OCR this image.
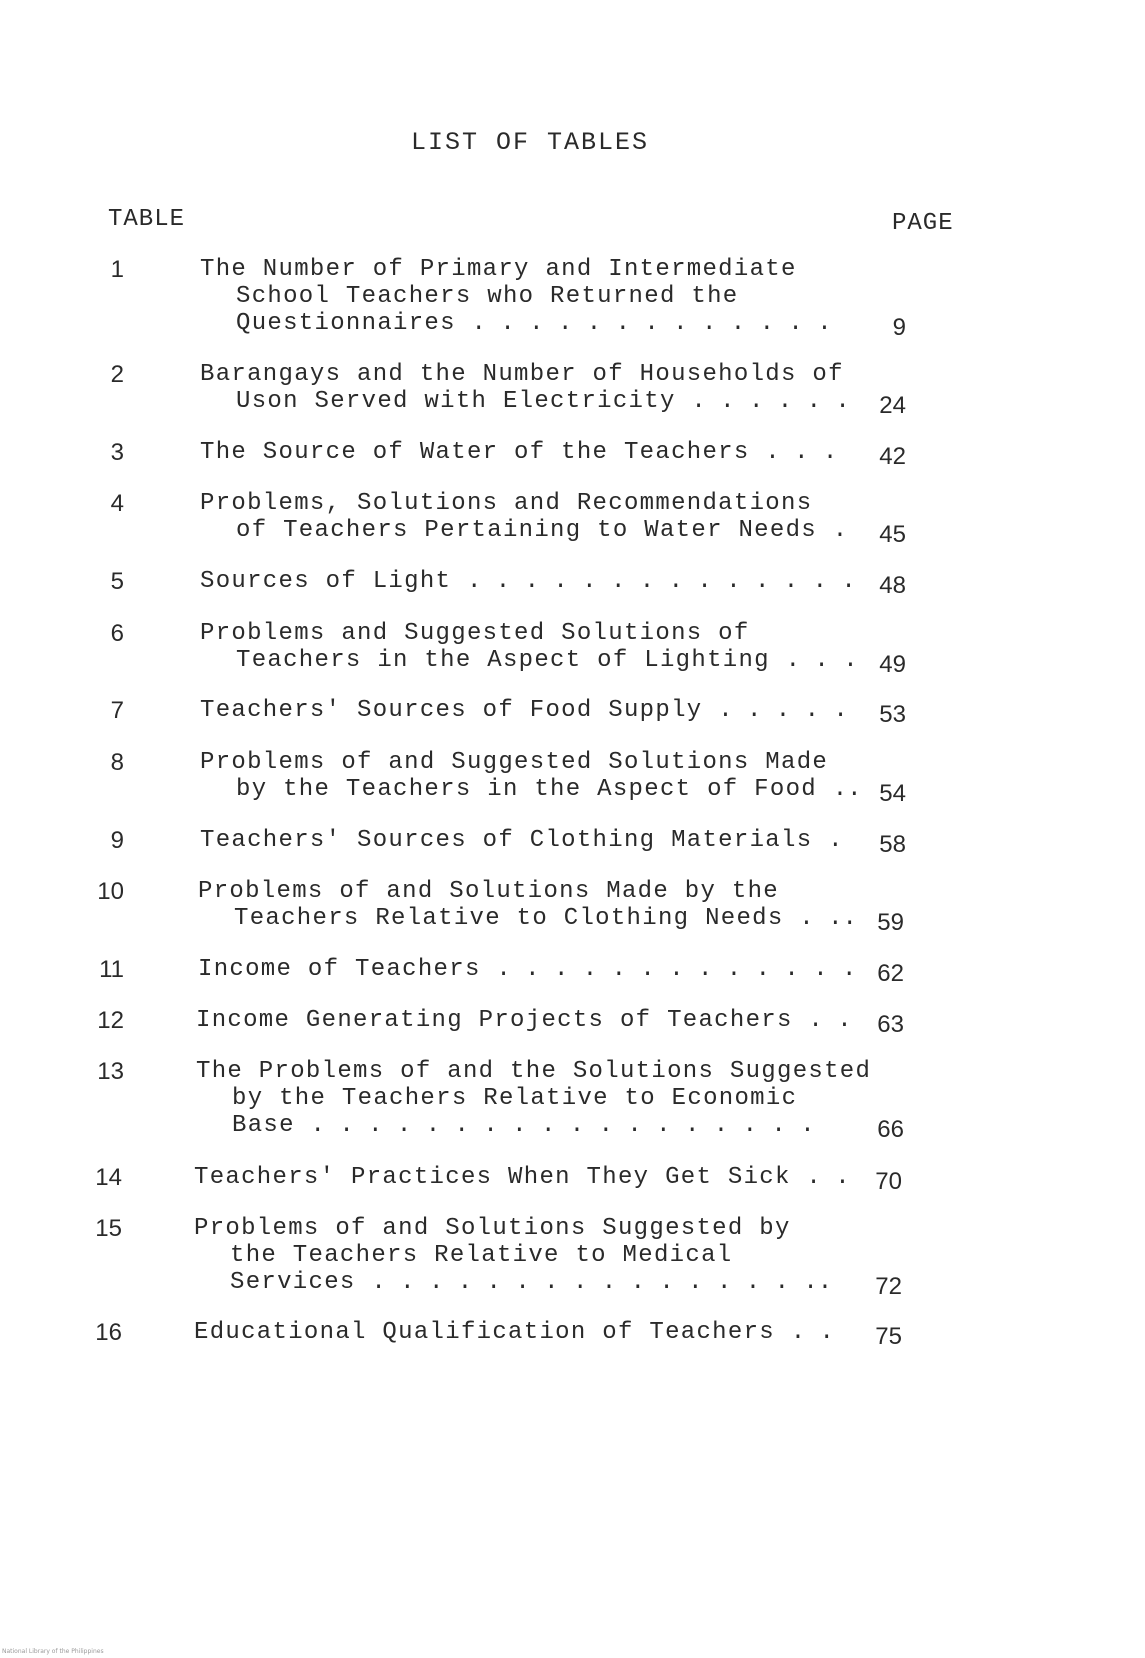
LIST OF TABLES
TABLE	PAGE
1	The Number of Primary and Intermediate
School Teachers who Returned the
Questionnaires . . . . . . . . . . . . .	9
2	Barangays and the Number of Households of
Uson Served with Electricity . . . . . .	24
3	The Source of Water of the Teachers . . .	42
4	Problems, Solutions and Recommendations
of Teachers Pertaining to Water Needs .	45
5	Sources of Light . . . . . . . . . . . . . . 48
6	Problems and Suggested Solutions of
Teachers in the Aspect of Lighting . . . 49
7	Teachers' Sources of Food Supply . . . . .	53
8	Problems of and Suggested Solutions Made
by the Teachers in the Aspect of Food .. 54
9	Teachers' Sources of Clothing Materials .	58
10	Problems of and Solutions Made by the
Teachers Relative to Clothing Needs . .. 59
11	Income of Teachers . . . . . . . . . . . . . 62
12	Income Generating Projects of Teachers . .	63
13	The Problems of and the Solutions Suggested
by the Teachers Relative to Economic
Base . . . . . . . . . . . . . . . . . .	66
14	Teachers' Practices When They Get Sick . .	70
15	Problems of and Solutions Suggested by
the Teachers Relative to Medical
Services . . . . . . . . . . . . . . . ..	72
16	Educational Qualification of Teachers . .	75
National Library of the Philippines
